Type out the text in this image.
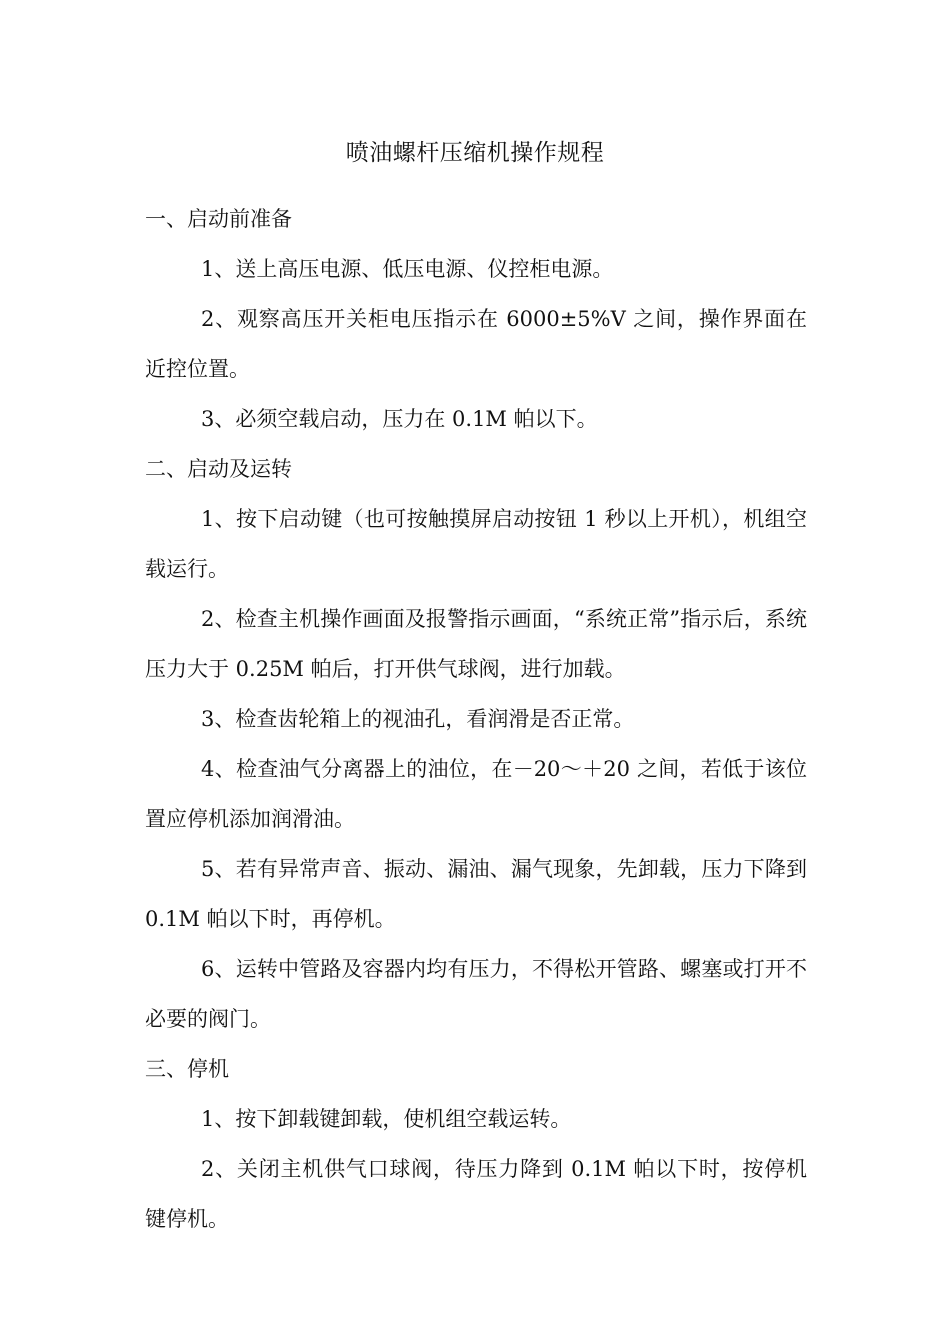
喷油螺杆压缩机操作规程

一、启动前准备

1、送上高压电源、低压电源、仪控柜电源。

2、观察高压开关柜电压指示在 6000±5%V 之间，操作界面在近控位置。

3、必须空载启动，压力在 0.1M 帕以下。

二、启动及运转

1、按下启动键（也可按触摸屏启动按钮 1 秒以上开机），机组空载运行。

2、检查主机操作画面及报警指示画面，“系统正常”指示后，系统压力大于 0.25M 帕后，打开供气球阀，进行加载。

3、检查齿轮箱上的视油孔，看润滑是否正常。

4、检查油气分离器上的油位，在－20～＋20 之间，若低于该位置应停机添加润滑油。

5、若有异常声音、振动、漏油、漏气现象，先卸载，压力下降到 0.1M 帕以下时，再停机。

6、运转中管路及容器内均有压力，不得松开管路、螺塞或打开不必要的阀门。

三、停机

1、按下卸载键卸载，使机组空载运转。

2、关闭主机供气口球阀，待压力降到 0.1M 帕以下时，按停机键停机。
